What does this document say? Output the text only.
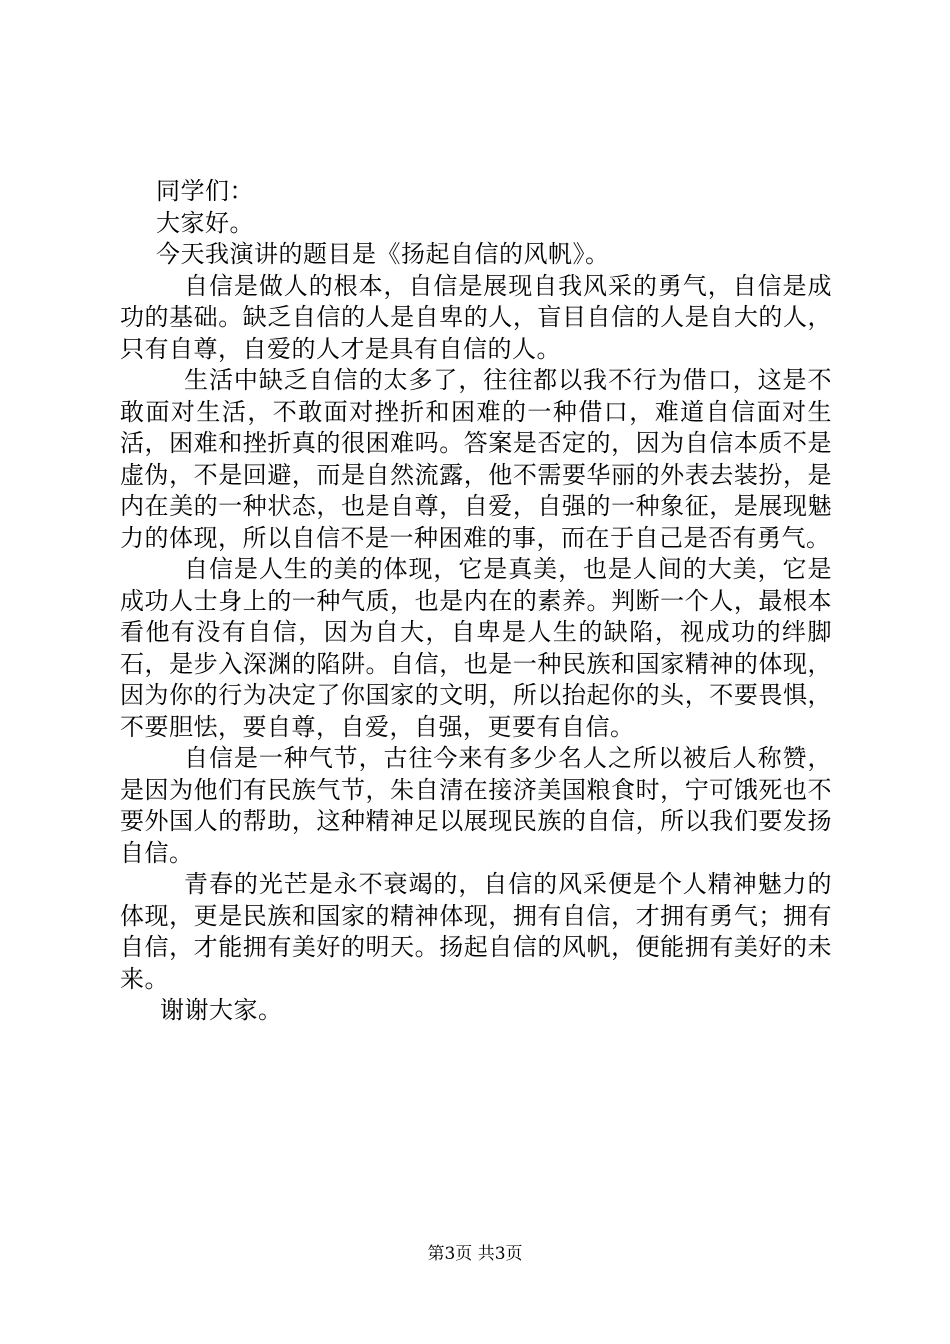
同学们：

大家好。

今天我演讲的题目是《扬起自信的风帆》。

自信是做人的根本，自信是展现自我风采的勇气，自信是成功的基础。缺乏自信的人是自卑的人，盲目自信的人是自大的人，只有自尊，自爱的人才是具有自信的人。

生活中缺乏自信的太多了，往往都以我不行为借口，这是不敢面对生活，不敢面对挫折和困难的一种借口，难道自信面对生活，困难和挫折真的很困难吗。答案是否定的，因为自信本质不是虚伪，不是回避，而是自然流露，他不需要华丽的外表去装扮，是内在美的一种状态，也是自尊，自爱，自强的一种象征，是展现魅力的体现，所以自信不是一种困难的事，而在于自己是否有勇气。

自信是人生的美的体现，它是真美，也是人间的大美，它是成功人士身上的一种气质，也是内在的素养。判断一个人，最根本看他有没有自信，因为自大，自卑是人生的缺陷，视成功的绊脚石，是步入深渊的陷阱。自信，也是一种民族和国家精神的体现，因为你的行为决定了你国家的文明，所以抬起你的头，不要畏惧，不要胆怯，要自尊，自爱，自强，更要有自信。

自信是一种气节，古往今来有多少名人之所以被后人称赞，是因为他们有民族气节，朱自清在接济美国粮食时，宁可饿死也不要外国人的帮助，这种精神足以展现民族的自信，所以我们要发扬自信。

青春的光芒是永不衰竭的，自信的风采便是个人精神魅力的体现，更是民族和国家的精神体现，拥有自信，才拥有勇气；拥有自信，才能拥有美好的明天。扬起自信的风帆，便能拥有美好的未来。

谢谢大家。

第3页 共3页
